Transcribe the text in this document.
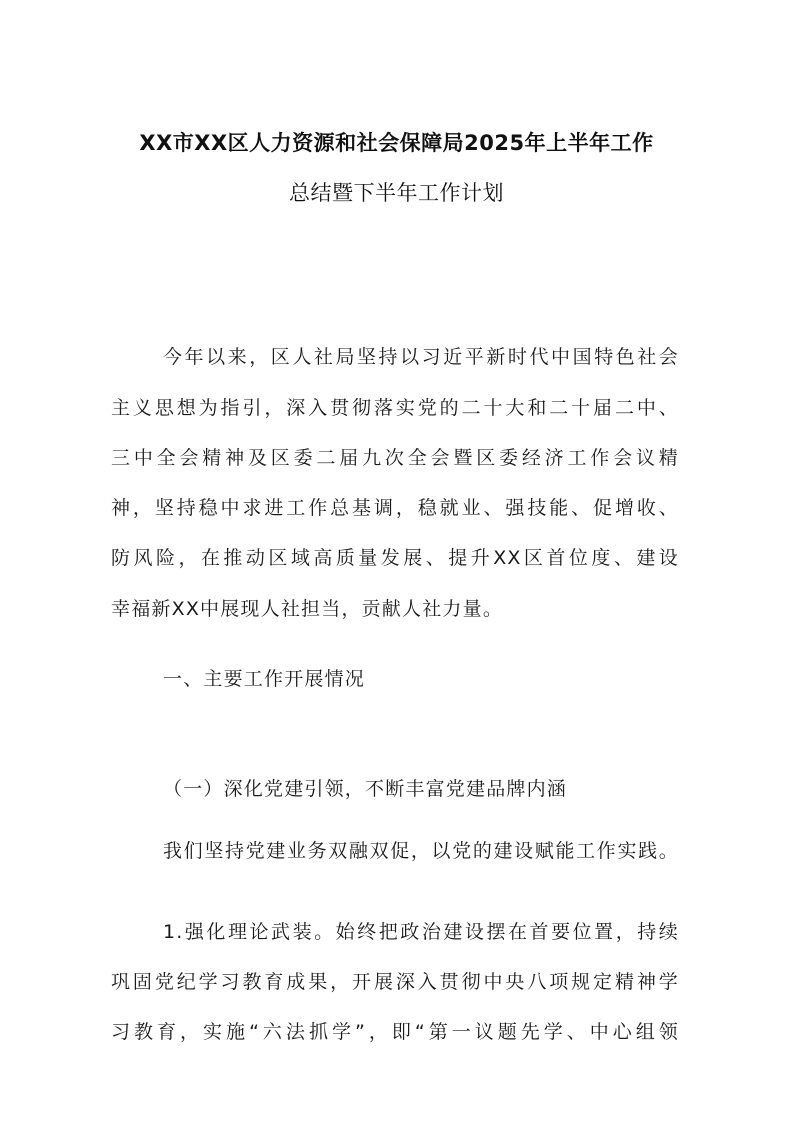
XX市XX区人力资源和社会保障局2025年上半年工作
总结暨下半年工作计划
今年以来，区人社局坚持以习近平新时代中国特色社会
主义思想为指引，深入贯彻落实党的二十大和二十届二中、
三中全会精神及区委二届九次全会暨区委经济工作会议精
神，坚持稳中求进工作总基调，稳就业、强技能、促增收、
防风险，在推动区域高质量发展、提升XX区首位度、建设
幸福新XX中展现人社担当，贡献人社力量。
一、主要工作开展情况
（一）深化党建引领，不断丰富党建品牌内涵
我们坚持党建业务双融双促，以党的建设赋能工作实践。
1.强化理论武装。始终把政治建设摆在首要位置，持续
巩固党纪学习教育成果，开展深入贯彻中央八项规定精神学
习教育，实施“六法抓学”，即“第一议题先学、中心组领
